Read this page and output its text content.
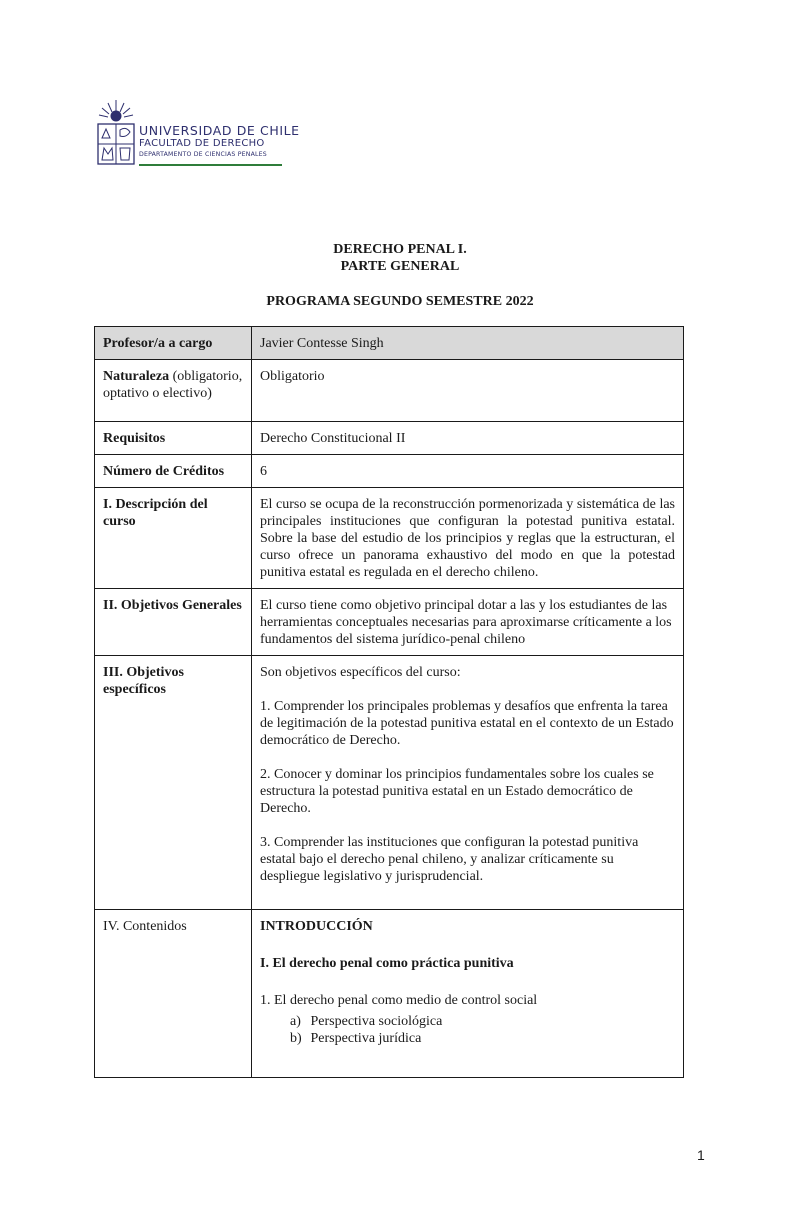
UNIVERSIDAD DE CHILE
FACULTAD DE DERECHO
DEPARTAMENTO DE CIENCIAS PENALES
DERECHO PENAL I.
PARTE GENERAL
PROGRAMA SEGUNDO SEMESTRE 2022
Profesor/a a cargo	Javier Contesse Singh
Naturaleza (obligatorio, optativo o electivo)	Obligatorio
Requisitos	Derecho Constitucional II
Número de Créditos	6
I. Descripción del curso	El curso se ocupa de la reconstrucción pormenorizada y sistemática de las principales instituciones que configuran la potestad punitiva estatal. Sobre la base del estudio de los principios y reglas que la estructuran, el curso ofrece un panorama exhaustivo del modo en que la potestad punitiva estatal es regulada en el derecho chileno.
II. Objetivos Generales	El curso tiene como objetivo principal dotar a las y los estudiantes de las herramientas conceptuales necesarias para aproximarse críticamente a los fundamentos del sistema jurídico-penal chileno
III. Objetivos específicos	Son objetivos específicos del curso:

1. Comprender los principales problemas y desafíos que enfrenta la tarea de legitimación de la potestad punitiva estatal en el contexto de un Estado democrático de Derecho.

2. Conocer y dominar los principios fundamentales sobre los cuales se estructura la potestad punitiva estatal en un Estado democrático de Derecho.

3. Comprender las instituciones que configuran la potestad punitiva estatal bajo el derecho penal chileno, y analizar críticamente su despliegue legislativo y jurisprudencial.

IV. Contenidos	INTRODUCCIÓN

I. El derecho penal como práctica punitiva

1. El derecho penal como medio de control social

a) Perspectiva sociológica

b) Perspectiva jurídica

1
